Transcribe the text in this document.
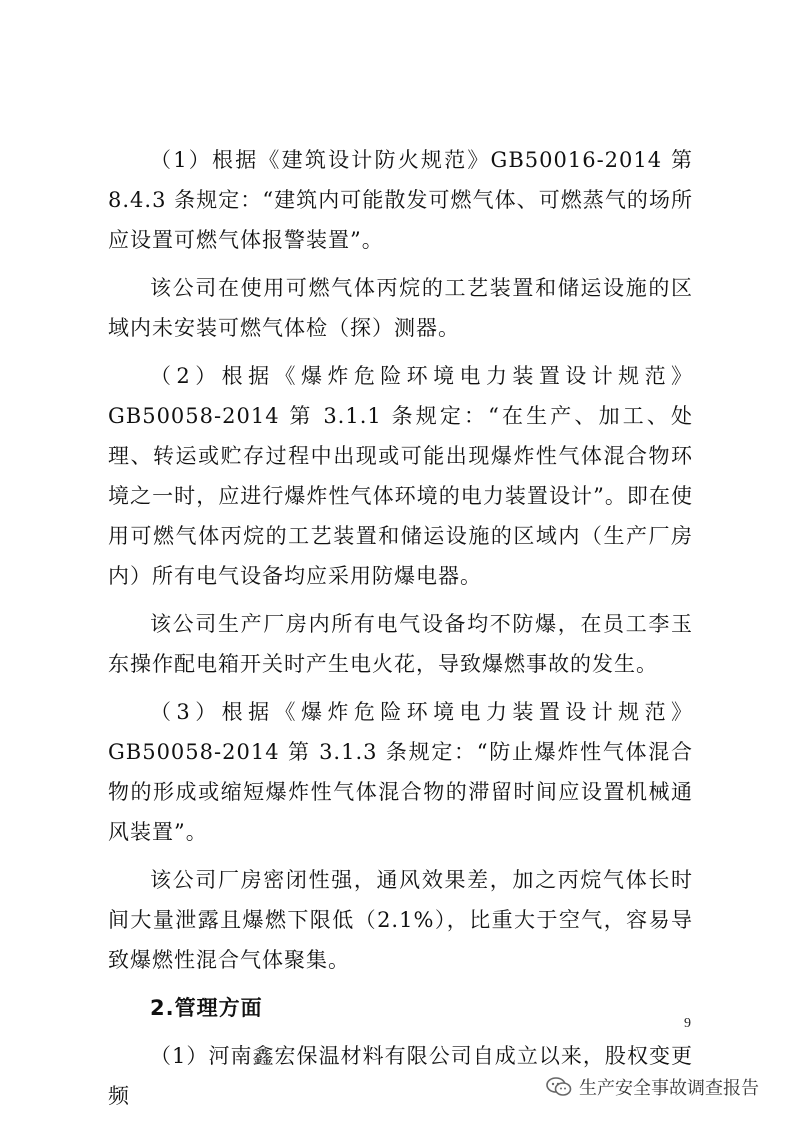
（1）根据《建筑设计防火规范》GB50016-2014 第 8.4.3 条规定：“建筑内可能散发可燃气体、可燃蒸气的场所应设置可燃气体报警装置”。

该公司在使用可燃气体丙烷的工艺装置和储运设施的区域内未安装可燃气体检（探）测器。

（2）根据《爆炸危险环境电力装置设计规范》GB50058-2014 第 3.1.1 条规定：“在生产、加工、处理、转运或贮存过程中出现或可能出现爆炸性气体混合物环境之一时，应进行爆炸性气体环境的电力装置设计”。即在使用可燃气体丙烷的工艺装置和储运设施的区域内（生产厂房内）所有电气设备均应采用防爆电器。

该公司生产厂房内所有电气设备均不防爆，在员工李玉东操作配电箱开关时产生电火花，导致爆燃事故的发生。

（3）根据《爆炸危险环境电力装置设计规范》GB50058-2014 第 3.1.3 条规定：“防止爆炸性气体混合物的形成或缩短爆炸性气体混合物的滞留时间应设置机械通风装置”。

该公司厂房密闭性强，通风效果差，加之丙烷气体长时间大量泄露且爆燃下限低（2.1%），比重大于空气，容易导致爆燃性混合气体聚集。

2.管理方面

（1）河南鑫宏保温材料有限公司自成立以来，股权变更频

9
生产安全事故调查报告
